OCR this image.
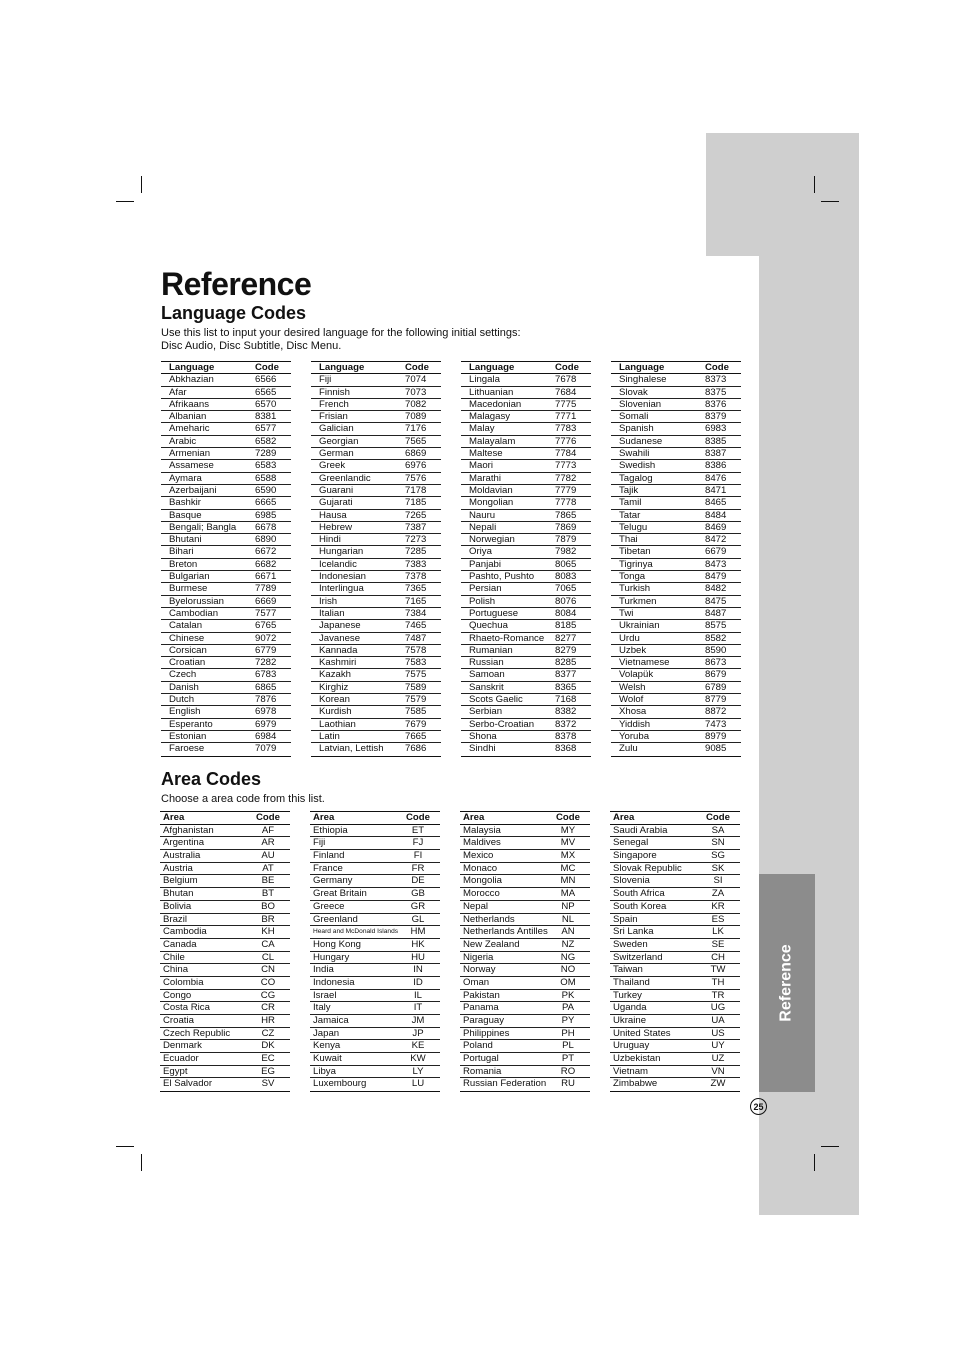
Reference
25
Reference
Language Codes

Use this list to input your desired language for the following initial settings:

Disc Audio, Disc Subtitle, Disc Menu.

Language	Code
Abkhazian	6566
Afar	6565
Afrikaans	6570
Albanian	8381
Ameharic	6577
Arabic	6582
Armenian	7289
Assamese	6583
Aymara	6588
Azerbaijani	6590
Bashkir	6665
Basque	6985
Bengali; Bangla	6678
Bhutani	6890
Bihari	6672
Breton	6682
Bulgarian	6671
Burmese	7789
Byelorussian	6669
Cambodian	7577
Catalan	6765
Chinese	9072
Corsican	6779
Croatian	7282
Czech	6783
Danish	6865
Dutch	7876
English	6978
Esperanto	6979
Estonian	6984
Faroese	7079
Language	Code
Fiji	7074
Finnish	7073
French	7082
Frisian	7089
Galician	7176
Georgian	7565
German	6869
Greek	6976
Greenlandic	7576
Guarani	7178
Gujarati	7185
Hausa	7265
Hebrew	7387
Hindi	7273
Hungarian	7285
Icelandic	7383
Indonesian	7378
Interlingua	7365
Irish	7165
Italian	7384
Japanese	7465
Javanese	7487
Kannada	7578
Kashmiri	7583
Kazakh	7575
Kirghiz	7589
Korean	7579
Kurdish	7585
Laothian	7679
Latin	7665
Latvian, Lettish	7686
Language	Code
Lingala	7678
Lithuanian	7684
Macedonian	7775
Malagasy	7771
Malay	7783
Malayalam	7776
Maltese	7784
Maori	7773
Marathi	7782
Moldavian	7779
Mongolian	7778
Nauru	7865
Nepali	7869
Norwegian	7879
Oriya	7982
Panjabi	8065
Pashto, Pushto	8083
Persian	7065
Polish	8076
Portuguese	8084
Quechua	8185
Rhaeto-Romance	8277
Rumanian	8279
Russian	8285
Samoan	8377
Sanskrit	8365
Scots Gaelic	7168
Serbian	8382
Serbo-Croatian	8372
Shona	8378
Sindhi	8368
Language	Code
Singhalese	8373
Slovak	8375
Slovenian	8376
Somali	8379
Spanish	6983
Sudanese	8385
Swahili	8387
Swedish	8386
Tagalog	8476
Tajik	8471
Tamil	8465
Tatar	8484
Telugu	8469
Thai	8472
Tibetan	6679
Tigrinya	8473
Tonga	8479
Turkish	8482
Turkmen	8475
Twi	8487
Ukrainian	8575
Urdu	8582
Uzbek	8590
Vietnamese	8673
Volapük	8679
Welsh	6789
Wolof	8779
Xhosa	8872
Yiddish	7473
Yoruba	8979
Zulu	9085
Area Codes

Choose a area code from this list.

Area	Code
Afghanistan	AF
Argentina	AR
Australia	AU
Austria	AT
Belgium	BE
Bhutan	BT
Bolivia	BO
Brazil	BR
Cambodia	KH
Canada	CA
Chile	CL
China	CN
Colombia	CO
Congo	CG
Costa Rica	CR
Croatia	HR
Czech Republic	CZ
Denmark	DK
Ecuador	EC
Egypt	EG
El Salvador	SV
Area	Code
Ethiopia	ET
Fiji	FJ
Finland	FI
France	FR
Germany	DE
Great Britain	GB
Greece	GR
Greenland	GL
Heard and McDonald Islands	HM
Hong Kong	HK
Hungary	HU
India	IN
Indonesia	ID
Israel	IL
Italy	IT
Jamaica	JM
Japan	JP
Kenya	KE
Kuwait	KW
Libya	LY
Luxembourg	LU
Area	Code
Malaysia	MY
Maldives	MV
Mexico	MX
Monaco	MC
Mongolia	MN
Morocco	MA
Nepal	NP
Netherlands	NL
Netherlands Antilles	AN
New Zealand	NZ
Nigeria	NG
Norway	NO
Oman	OM
Pakistan	PK
Panama	PA
Paraguay	PY
Philippines	PH
Poland	PL
Portugal	PT
Romania	RO
Russian Federation	RU
Area	Code
Saudi Arabia	SA
Senegal	SN
Singapore	SG
Slovak Republic	SK
Slovenia	SI
South Africa	ZA
South Korea	KR
Spain	ES
Sri Lanka	LK
Sweden	SE
Switzerland	CH
Taiwan	TW
Thailand	TH
Turkey	TR
Uganda	UG
Ukraine	UA
United States	US
Uruguay	UY
Uzbekistan	UZ
Vietnam	VN
Zimbabwe	ZW
